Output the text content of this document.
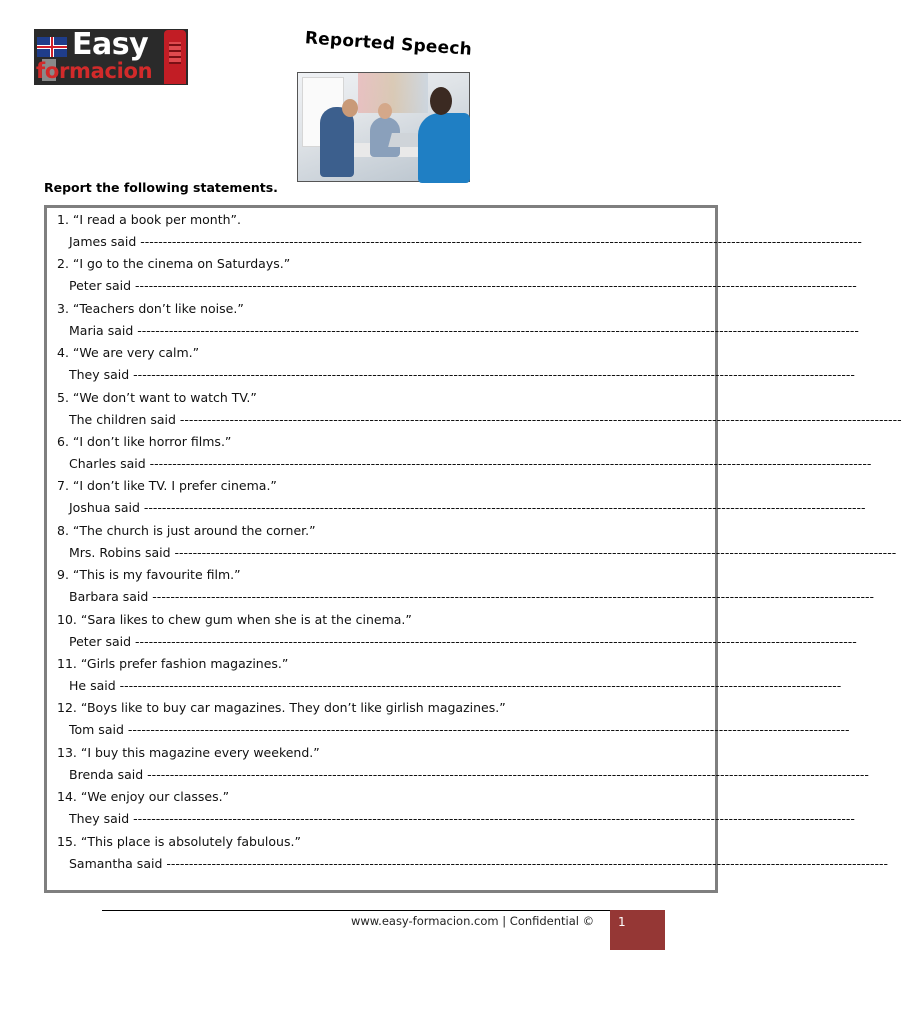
Easy
formacion
Reported Speech
Report the following statements.
1. “I read a book per month”.
James said ----------------------------------------------------------------------------------------------------------------------------------------------------------------
2. “I go to the cinema on Saturdays.”
Peter said ----------------------------------------------------------------------------------------------------------------------------------------------------------------
3. “Teachers don’t like noise.”
Maria said ----------------------------------------------------------------------------------------------------------------------------------------------------------------
4. “We are very calm.”
They said ----------------------------------------------------------------------------------------------------------------------------------------------------------------
5. “We don’t want to watch TV.”
The children said ----------------------------------------------------------------------------------------------------------------------------------------------------------------
6. “I don’t like horror films.”
Charles said ----------------------------------------------------------------------------------------------------------------------------------------------------------------
7. “I don’t like TV. I prefer cinema.”
Joshua said ----------------------------------------------------------------------------------------------------------------------------------------------------------------
8. “The church is just around the corner.”
Mrs. Robins said ----------------------------------------------------------------------------------------------------------------------------------------------------------------
9. “This is my favourite film.”
Barbara said ----------------------------------------------------------------------------------------------------------------------------------------------------------------
10. “Sara likes to chew gum when she is at the cinema.”
Peter said ----------------------------------------------------------------------------------------------------------------------------------------------------------------
11. “Girls prefer fashion magazines.”
He said ----------------------------------------------------------------------------------------------------------------------------------------------------------------
12. “Boys like to buy car magazines. They don’t like girlish magazines.”
Tom said ----------------------------------------------------------------------------------------------------------------------------------------------------------------
13. “I buy this magazine every weekend.”
Brenda said ----------------------------------------------------------------------------------------------------------------------------------------------------------------
14. “We enjoy our classes.”
They said ----------------------------------------------------------------------------------------------------------------------------------------------------------------
15. “This place is absolutely fabulous.”
Samantha said ----------------------------------------------------------------------------------------------------------------------------------------------------------------
www.easy-formacion.com | Confidential ©	1
